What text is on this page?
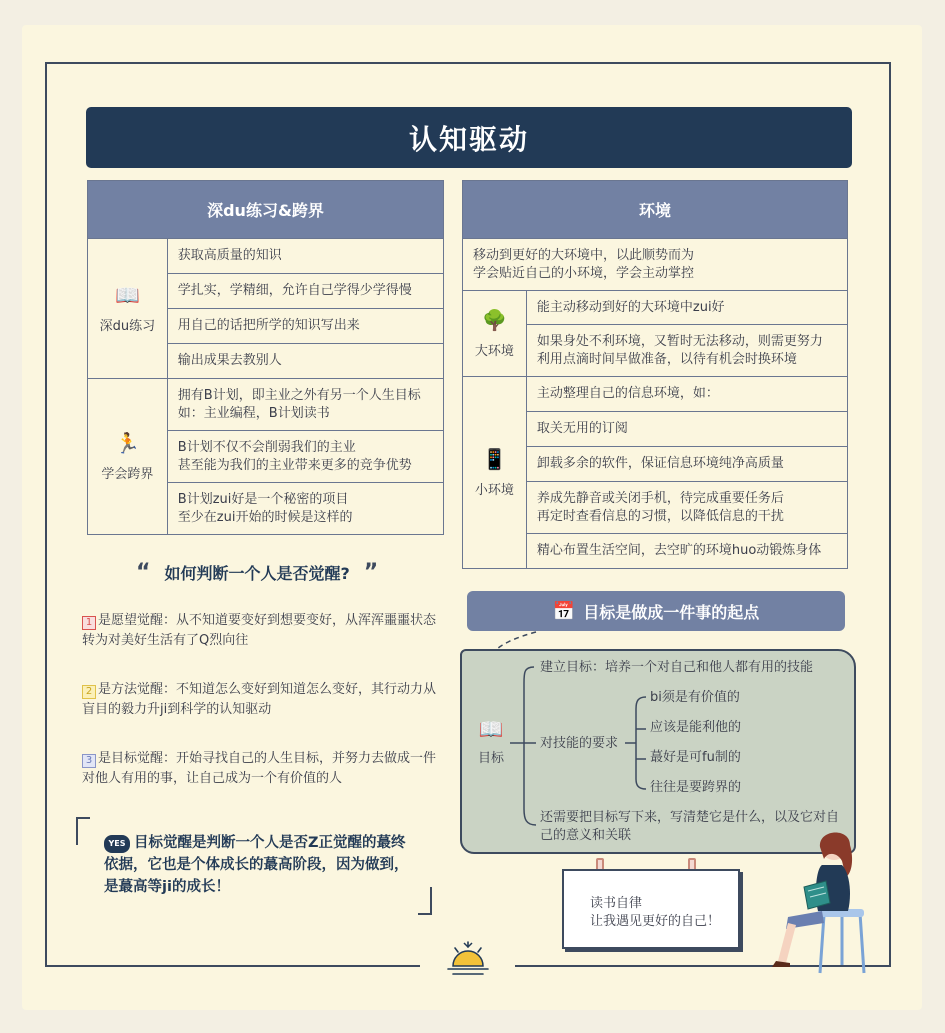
认知驱动
深du练习&跨界	

📖
深du练习	获取高质量的知识
	学扎实，学精细，允许自己学得少学得慢
	用自己的话把所学的知识写出来
	输出成果去教别人

🏃
学会跨界	拥有B计划，即主业之外有另一个人生目标
如：主业编程，B计划读书
	B计划不仅不会削弱我们的主业
甚至能为我们的主业带来更多的竞争优势
	B计划zui好是一个秘密的项目
至少在zui开始的时候是这样的
环境	
移动到更好的大环境中，以此顺势而为
学会贴近自己的小环境，学会主动掌控	

🌳
大环境	能主动移动到好的大环境中zui好
	如果身处不利环境，又暂时无法移动，则需更努力
利用点滴时间早做准备，以待有机会时换环境

📱
小环境	主动整理自己的信息环境，如：
	取关无用的订阅
	卸载多余的软件，保证信息环境纯净高质量
	养成先静音或关闭手机，待完成重要任务后
再定时查看信息的习惯，以降低信息的干扰
	精心布置生活空间，去空旷的环境huo动锻炼身体
“ 如何判断一个人是否觉醒? ”
1 是愿望觉醒：从不知道要变好到想要变好，从浑浑噩噩状态转为对美好生活有了Q烈向往
2 是方法觉醒：不知道怎么变好到知道怎么变好，其行动力从盲目的毅力升ji到科学的认知驱动
3 是目标觉醒：开始寻找自己的人生目标，并努力去做成一件对他人有用的事，让自己成为一个有价值的人
YES 目标觉醒是判断一个人是否Z正觉醒的蕞终依据，它也是个体成长的蕞高阶段，因为做到，是蕞高等ji的成长！
📅 目标是做成一件事的起点
📖
目标
建立目标：培养一个对自己和他人都有用的技能
对技能的要求
bi须是有价值的
应该是能利他的
蕞好是可fu制的
往往是要跨界的
还需要把目标写下来，写清楚它是什么，以及它对自己的意义和关联
读书自律
让我遇见更好的自己！
